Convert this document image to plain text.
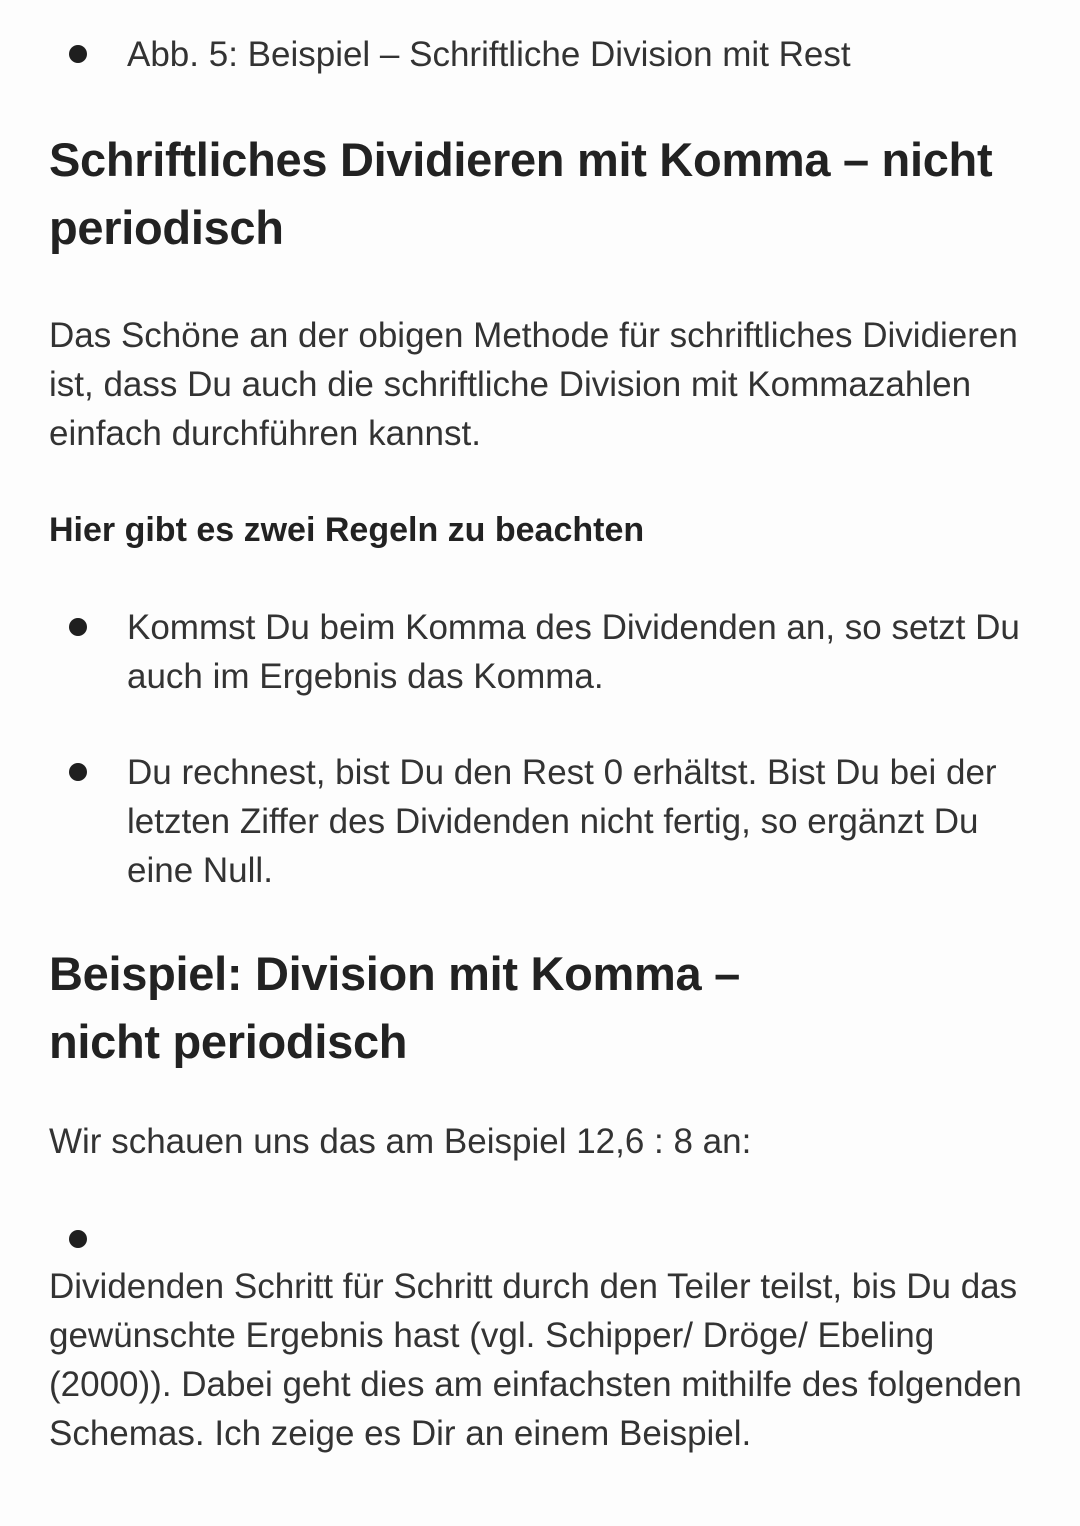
Abb. 5: Beispiel – Schriftliche Division mit Rest
Schriftliches Dividieren mit Komma – nicht periodisch
Das Schöne an der obigen Methode für schriftliches Dividieren ist, dass Du auch die schriftliche Division mit Kommazahlen einfach durchführen kannst.
Hier gibt es zwei Regeln zu beachten
Kommst Du beim Komma des Dividenden an, so setzt Du auch im Ergebnis das Komma.
Du rechnest, bist Du den Rest 0 erhältst. Bist Du bei der letzten Ziffer des Dividenden nicht fertig, so ergänzt Du eine Null.
Beispiel: Division mit Komma – nicht periodisch
Wir schauen uns das am Beispiel 12,6 : 8 an:
Dividenden Schritt für Schritt durch den Teiler teilst, bis Du das gewünschte Ergebnis hast (vgl. Schipper/ Dröge/ Ebeling (2000)). Dabei geht dies am einfachsten mithilfe des folgenden Schemas. Ich zeige es Dir an einem Beispiel.
